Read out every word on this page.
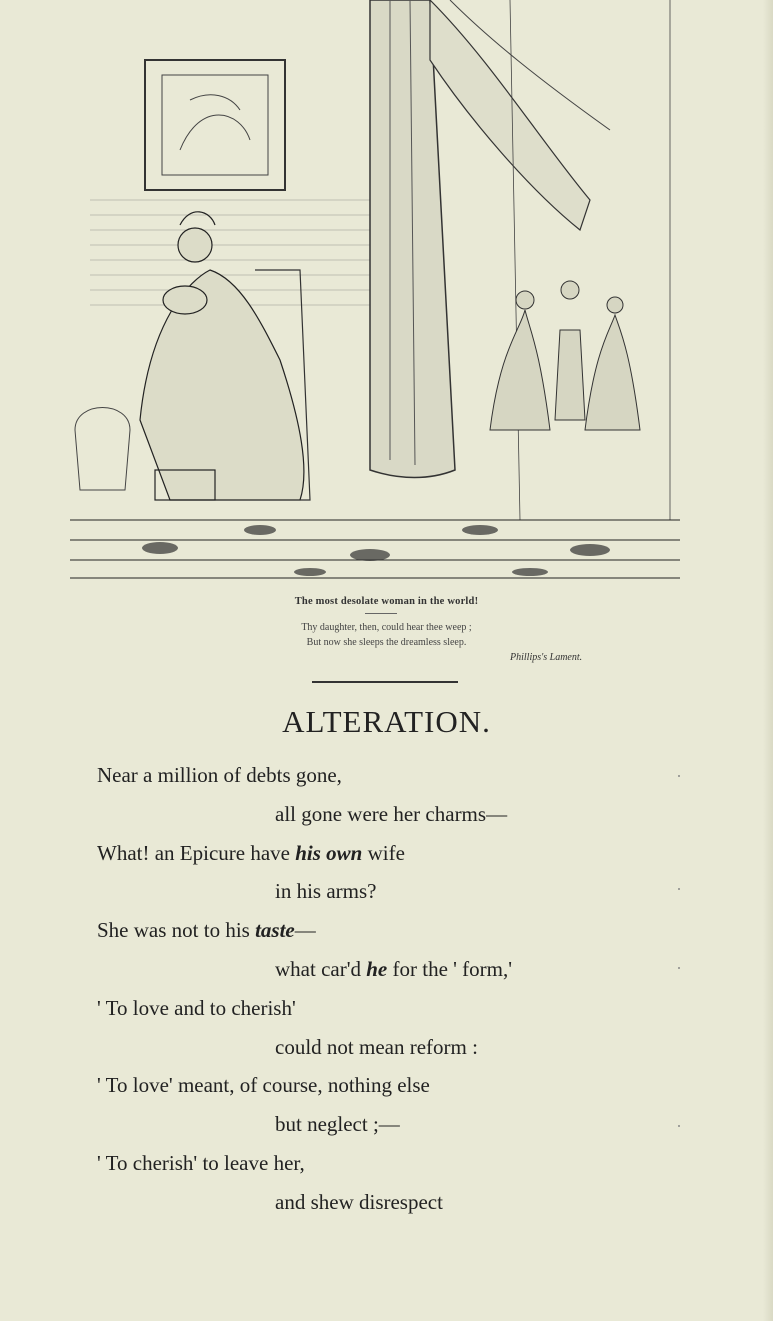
The most desolate woman in the world!
Thy daughter, then, could hear thee weep ;
But now she sleeps the dreamless sleep.
Phillips's Lament.
ALTERATION.
Near a million of debts gone,
all gone were her charms—
What! an Epicure have his own wife
in his arms?
She was not to his taste—
what car'd he for the ' form,'
' To love and to cherish'
could not mean reform :
' To love' meant, of course, nothing else
but neglect ;—
' To cherish' to leave her,
and shew disrespect
